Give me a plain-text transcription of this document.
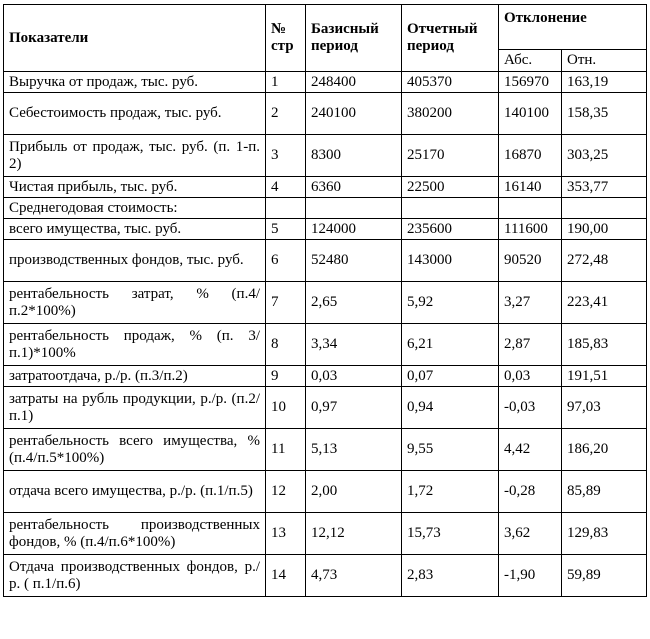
Показатели	№ стр	Базисный период	Отчетный период	Отклонение	
				Абс.	Отн.
Выручка от продаж, тыс. руб.	1	248400	405370	156970	163,19
Себестоимость продаж, тыс. руб.	2	240100	380200	140100	158,35
Прибыль от продаж, тыс. руб. (п. 1-п. 2)	3	8300	25170	16870	303,25
Чистая прибыль, тыс. руб.	4	6360	22500	16140	353,77
Среднегодовая стоимость:					
всего имущества, тыс. руб.	5	124000	235600	111600	190,00
производственных фондов, тыс. руб.	6	52480	143000	90520	272,48
рентабельность затрат, % (п.4/п.2*100%)	7	2,65	5,92	3,27	223,41
рентабельность продаж, % (п. 3/п.1)*100%	8	3,34	6,21	2,87	185,83
затратоотдача, р./р. (п.3/п.2)	9	0,03	0,07	0,03	191,51
затраты на рубль продукции, р./р. (п.2/п.1)	10	0,97	0,94	-0,03	97,03
рентабельность всего имущества, % (п.4/п.5*100%)	11	5,13	9,55	4,42	186,20
отдача всего имущества, р./р. (п.1/п.5)	12	2,00	1,72	-0,28	85,89
рентабельность производственных фондов, % (п.4/п.6*100%)	13	12,12	15,73	3,62	129,83
Отдача производственных фондов, р./р. ( п.1/п.6)	14	4,73	2,83	-1,90	59,89
